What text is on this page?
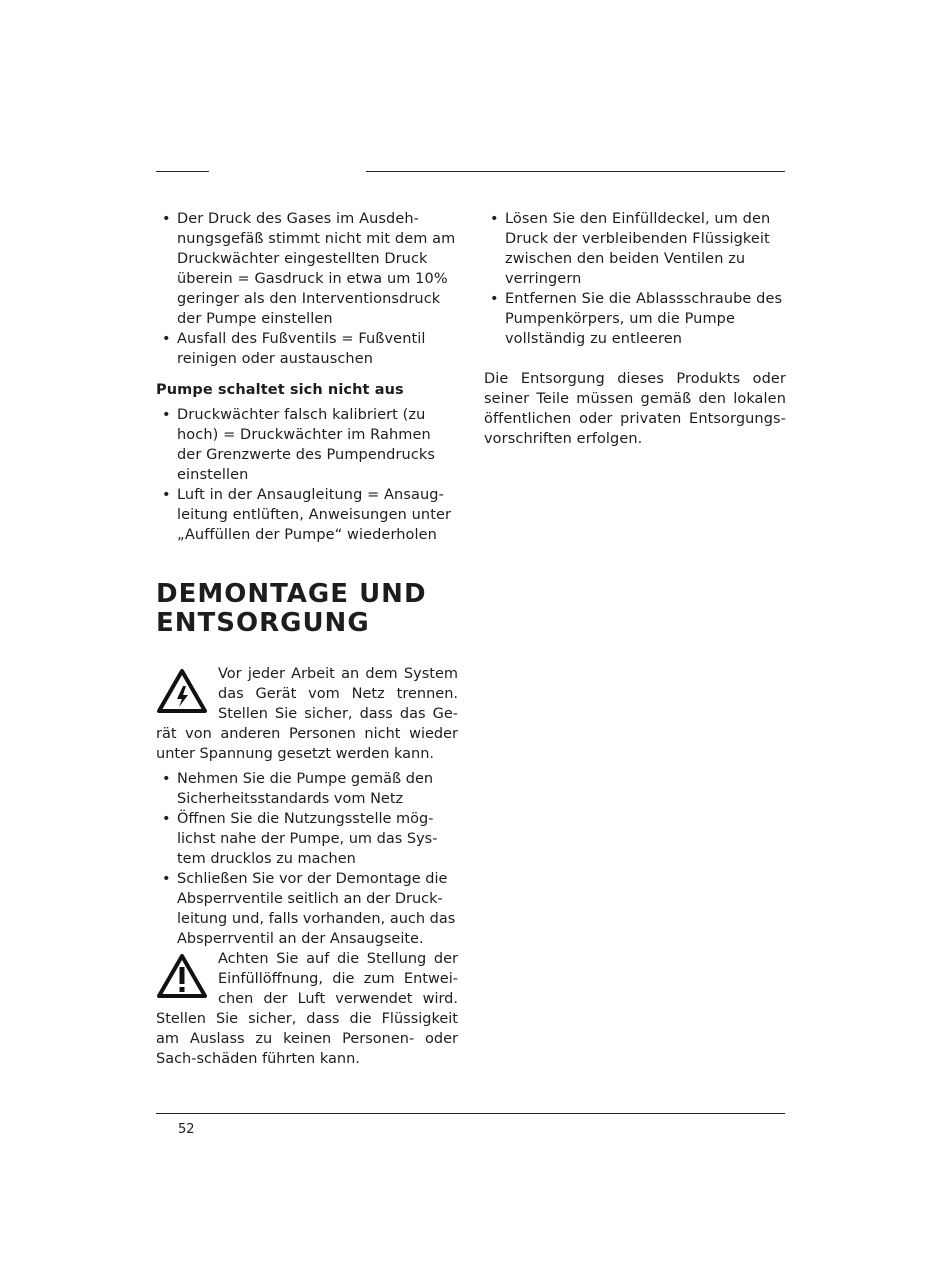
• Der Druck des Gases im Ausdeh-nungsgefäß stimmt nicht mit dem am Druckwächter eingestellten Druck überein = Gasdruck in etwa um 10% geringer als den Interventionsdruck der Pumpe einstellen
• Ausfall des Fußventils = Fußventil reinigen oder austauschen
Pumpe schaltet sich nicht aus
• Druckwächter falsch kalibriert (zu hoch) = Druckwächter im Rahmen der Grenzwerte des Pumpendrucks einstellen
• Luft in der Ansaugleitung = Ansaug-leitung entlüften, Anweisungen unter „Auffüllen der Pumpe“ wiederholen
DEMONTAGE UND
ENTSORGUNG
Vor jeder Arbeit an dem System das Gerät vom Netz trennen. Stellen Sie sicher, dass das Ge-rät von anderen Personen nicht wieder unter Spannung gesetzt werden kann.
• Nehmen Sie die Pumpe gemäß den Sicherheitsstandards vom Netz
• Öffnen Sie die Nutzungsstelle mög-lichst nahe der Pumpe, um das Sys-tem drucklos zu machen
• Schließen Sie vor der Demontage die Absperrventile seitlich an der Druck-leitung und, falls vorhanden, auch das Absperrventil an der Ansaugseite.
Achten Sie auf die Stellung der Einfüllöffnung, die zum Entwei-chen der Luft verwendet wird. Stellen Sie sicher, dass die Flüssigkeit am Auslass zu keinen Personen- oder Sach-schäden führten kann.
• Lösen Sie den Einfülldeckel, um den Druck der verbleibenden Flüssigkeit zwischen den beiden Ventilen zu verringern
• Entfernen Sie die Ablassschraube des Pumpenkörpers, um die Pumpe vollständig zu entleeren

Die Entsorgung dieses Produkts oder seiner Teile müssen gemäß den lokalen öffentlichen oder privaten Entsorgungs-vorschriften erfolgen.

52
